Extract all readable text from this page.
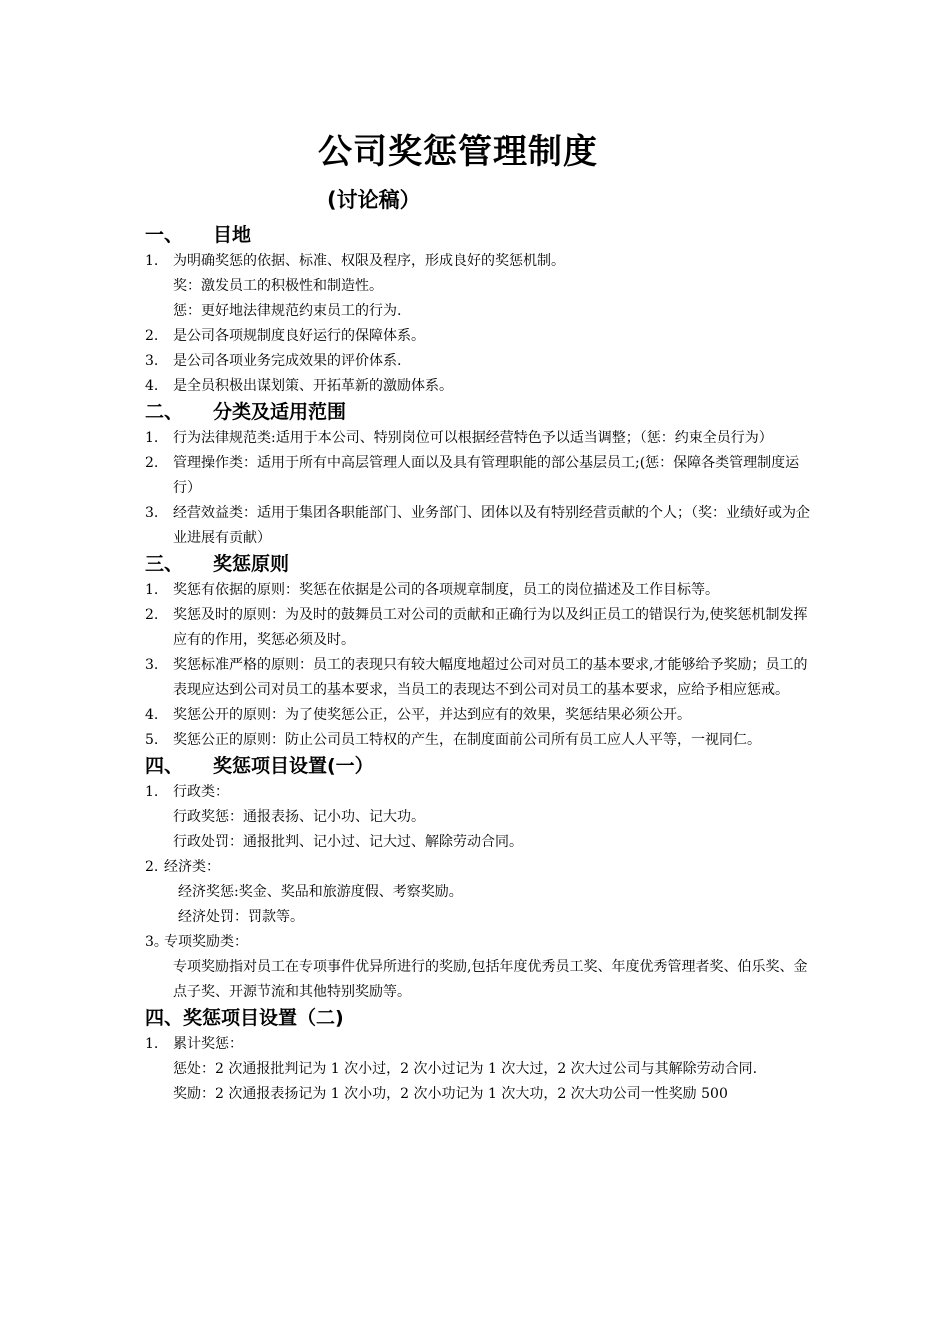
公司奖惩管理制度
(讨论稿）
一、 目地
1. 为明确奖惩的依据、标准、权限及程序，形成良好的奖惩机制。
奖：激发员工的积极性和制造性。
惩：更好地法律规范约束员工的行为.
2. 是公司各项规制度良好运行的保障体系。
3. 是公司各项业务完成效果的评价体系.
4. 是全员积极出谋划策、开拓革新的激励体系。
二、 分类及适用范围
1. 行为法律规范类:适用于本公司、特别岗位可以根据经营特色予以适当调整；（惩：约束全员行为）
2. 管理操作类：适用于所有中高层管理人面以及具有管理职能的部公基层员工;(惩：保障各类管理制度运行）
3. 经营效益类：适用于集团各职能部门、业务部门、团体以及有特别经营贡献的个人；（奖：业绩好或为企业进展有贡献）
三、 奖惩原则
1. 奖惩有依据的原则：奖惩在依据是公司的各项规章制度，员工的岗位描述及工作目标等。
2. 奖惩及时的原则：为及时的鼓舞员工对公司的贡献和正确行为以及纠正员工的错误行为,使奖惩机制发挥应有的作用，奖惩必须及时。
3. 奖惩标准严格的原则：员工的表现只有较大幅度地超过公司对员工的基本要求,才能够给予奖励；员工的表现应达到公司对员工的基本要求，当员工的表现达不到公司对员工的基本要求，应给予相应惩戒。
4. 奖惩公开的原则：为了使奖惩公正，公平，并达到应有的效果，奖惩结果必须公开。
5. 奖惩公正的原则：防止公司员工特权的产生，在制度面前公司所有员工应人人平等，一视同仁。
四、 奖惩项目设置(一）
1. 行政类：
行政奖惩：通报表扬、记小功、记大功。
行政处罚：通报批判、记小过、记大过、解除劳动合同。
2. 经济类：
经济奖惩:奖金、奖品和旅游度假、考察奖励。
经济处罚：罚款等。
3。专项奖励类：
专项奖励指对员工在专项事件优异所进行的奖励,包括年度优秀员工奖、年度优秀管理者奖、伯乐奖、金点子奖、开源节流和其他特别奖励等。
四、奖惩项目设置（二)
1. 累计奖惩：
惩处：2 次通报批判记为 1 次小过，2 次小过记为 1 次大过，2 次大过公司与其解除劳动合同.
奖励：2 次通报表扬记为 1 次小功，2 次小功记为 1 次大功，2 次大功公司一性奖励 500
